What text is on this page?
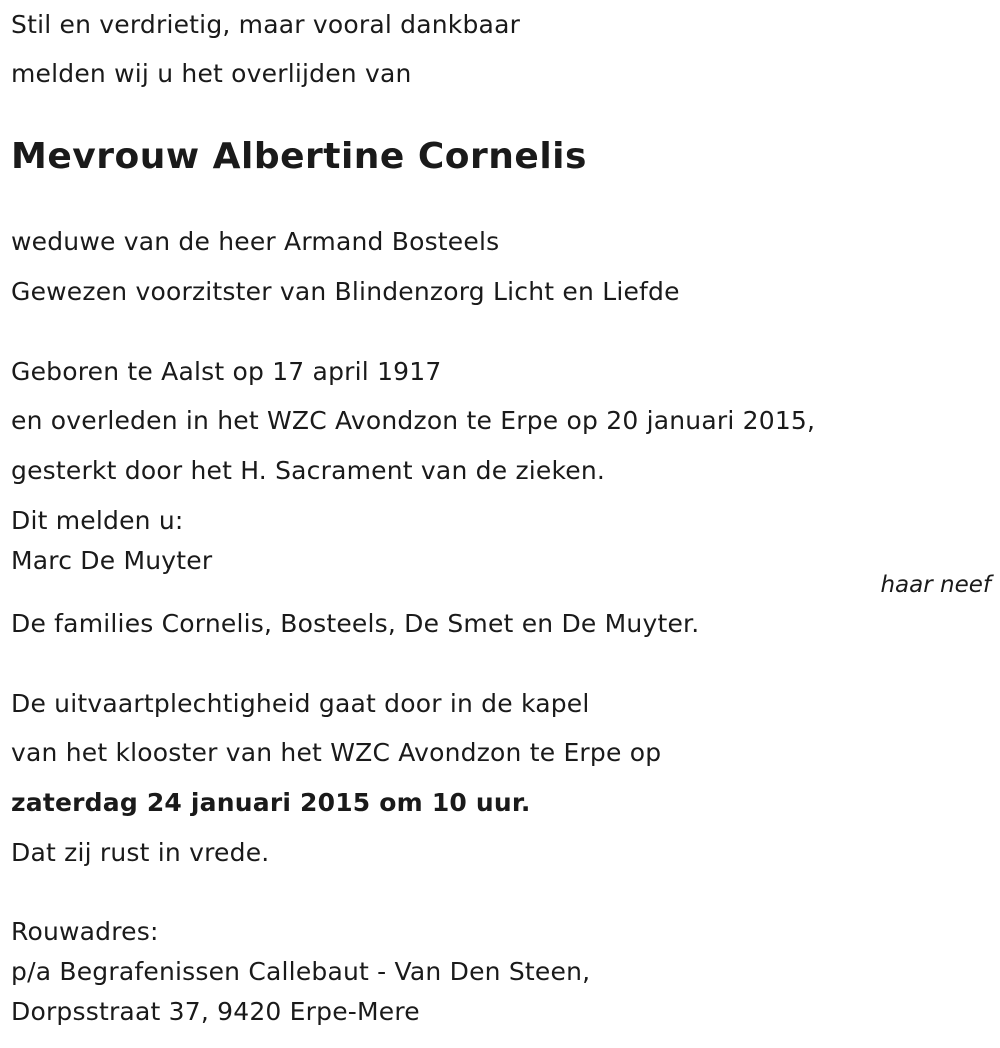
Stil en verdrietig, maar vooral dankbaar
melden wij u het overlijden van
Mevrouw Albertine Cornelis
weduwe van de heer Armand Bosteels
Gewezen voorzitster van Blindenzorg Licht en Liefde
Geboren te Aalst op 17 april 1917
en overleden in het WZC Avondzon te Erpe op 20 januari 2015,
gesterkt door het H. Sacrament van de zieken.
Dit melden u:
Marc De Muyter
haar neef
De families Cornelis, Bosteels, De Smet en De Muyter.
De uitvaartplechtigheid gaat door in de kapel
van het klooster van het WZC Avondzon te Erpe op
zaterdag 24 januari 2015 om 10 uur.
Dat zij rust in vrede.
Rouwadres:
p/a Begrafenissen Callebaut - Van Den Steen,
Dorpsstraat 37, 9420 Erpe-Mere
